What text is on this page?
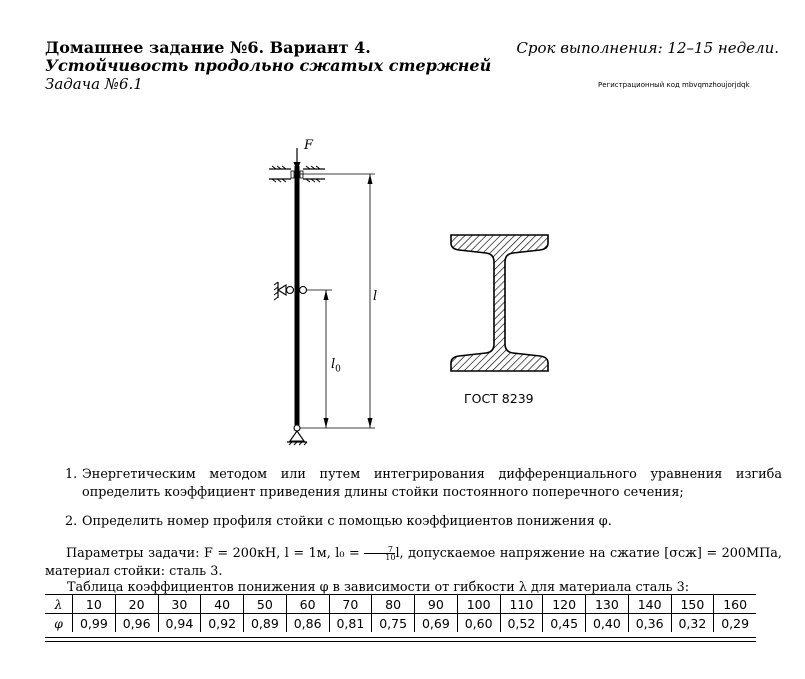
Домашнее задание №6. Вариант 4.
Устойчивость продольно сжатых стержней
Задача №6.1
Срок выполнения: 12–15 недели.
Регистрационный код mbvqmzhoujorjdqk
F
l
$l_0$
ГОСТ 8239
1. Энергетическим методом или путем интегрирования дифференциального уравнения изгиба определить коэффициент приведения длины стойки постоянного поперечного сечения;
2. Определить номер профиля стойки с помощью коэффициентов понижения φ.
Параметры задачи: F = 200кН, l = 1м, $l_0 = \frac{7}{10} l$, допускаемое напряжение на сжатие [σсж] = 200МПа, материал стойки: сталь 3.
Таблица коэффициентов понижения φ в зависимости от гибкости λ для материала сталь 3:
λ	10	20	30	40	50	60	70	80	90	100	110	120	130	140	150	160
φ	0,99	0,96	0,94	0,92	0,89	0,86	0,81	0,75	0,69	0,60	0,52	0,45	0,40	0,36	0,32	0,29
